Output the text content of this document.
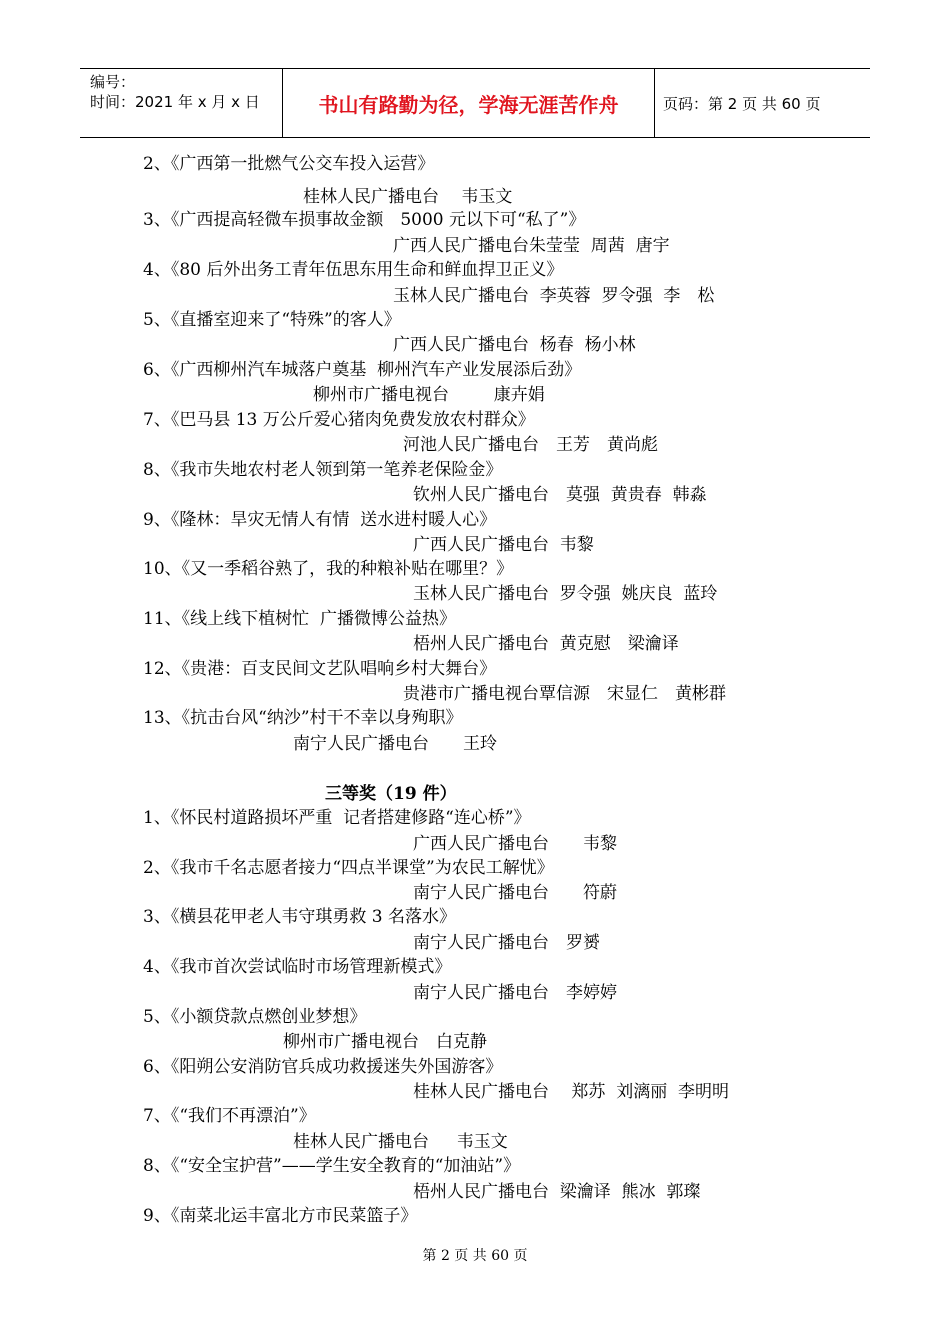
编号：
时间：2021 年 x 月 x 日	书山有路勤为径，学海无涯苦作舟	页码：第 2 页 共 60 页
2、《广西第一批燃气公交车投入运营》
桂林人民广播电台　 韦玉文
3、《广西提高轻微车损事故金额　5000 元以下可“私了”》
广西人民广播电台朱莹莹  周茜  唐宇
4、《80 后外出务工青年伍思东用生命和鲜血捍卫正义》
玉林人民广播电台  李英蓉  罗令强  李　松
5、《直播室迎来了“特殊”的客人》
广西人民广播电台  杨春  杨小林
6、《广西柳州汽车城落户奠基  柳州汽车产业发展添后劲》
柳州市广播电视台　　  康卉娟
7、《巴马县 13 万公斤爱心猪肉免费发放农村群众》
河池人民广播电台　王芳　黄尚彪
8、《我市失地农村老人领到第一笔养老保险金》
钦州人民广播电台　莫强  黄贵春  韩淼
9、《隆林：旱灾无情人有情  送水进村暖人心》
广西人民广播电台  韦黎
10、《又一季稻谷熟了，我的种粮补贴在哪里？》
玉林人民广播电台  罗令强  姚庆良  蓝玲
11、《线上线下植树忙  广播微博公益热》
梧州人民广播电台  黄克慰　梁瀹译
12、《贵港：百支民间文艺队唱响乡村大舞台》
贵港市广播电视台覃信源　宋显仁　黄彬群
13、《抗击台风“纳沙”村干不幸以身殉职》
南宁人民广播电台　　王玲
三等奖（19 件）
1、《怀民村道路损坏严重  记者搭建修路“连心桥”》
广西人民广播电台　　韦黎
2、《我市千名志愿者接力“四点半课堂”为农民工解忧》
南宁人民广播电台　　符蔚
3、《横县花甲老人韦守琪勇救 3 名落水》
南宁人民广播电台　罗赟
4、《我市首次尝试临时市场管理新模式》
南宁人民广播电台　李婷婷
5、《小额贷款点燃创业梦想》
柳州市广播电视台　白克静
6、《阳朔公安消防官兵成功救援迷失外国游客》
桂林人民广播电台　 郑苏  刘漓丽  李明明
7、《“我们不再漂泊”》
桂林人民广播电台　  韦玉文
8、《“安全宝护营”——学生安全教育的“加油站”》
梧州人民广播电台  梁瀹译  熊冰  郭璨
9、《南菜北运丰富北方市民菜篮子》
第 2 页 共 60 页
